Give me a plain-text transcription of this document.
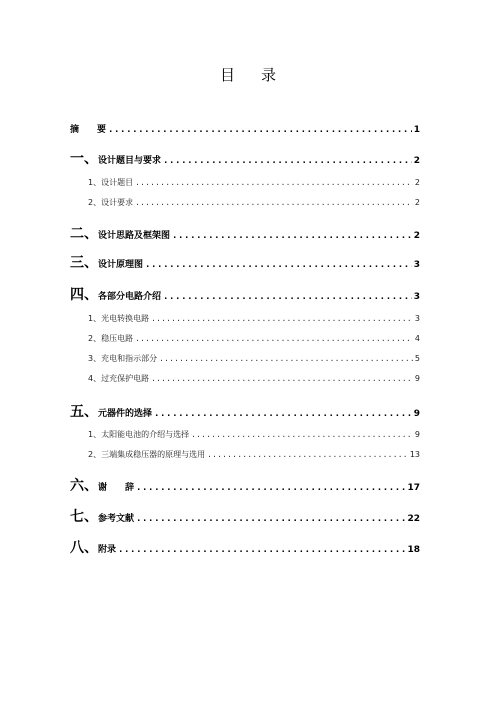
目 录
摘　　要 .....	1
一、 设计题目与要求 .....	2
1、 设计题目 .....	2
2、 设计要求 .....	2
二、 设计思路及框架图 .....	2
三、 设计原理图 .....	3
四、 各部分电路介绍 .....	3
1、 光电转换电路 .....	3
2、 稳压电路 .....	4
3、 充电和指示部分 .....	5
4、 过充保护电路 .....	9
五、 元器件的选择 .....	9
1、 太阳能电池的介绍与选择 .....	9
2、 三端集成稳压器的原理与选用 .....	13
六、 谢　　辞 .....	17
七、 参考文献 .....	22
八、 附录 .....	18
